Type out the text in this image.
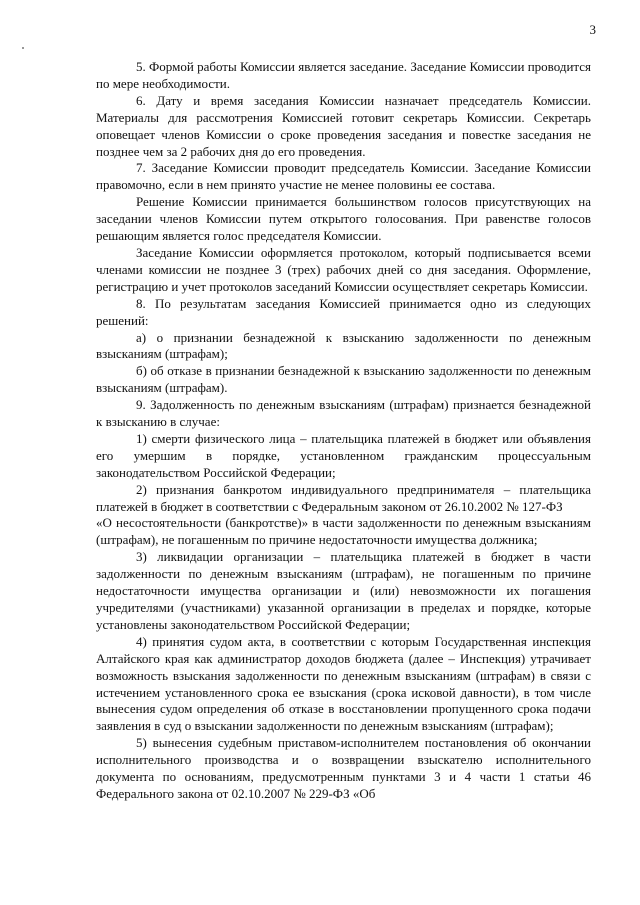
3

5. Формой работы Комиссии является заседание. Заседание Комиссии проводится по мере необходимости.

6. Дату и время заседания Комиссии назначает председатель Комиссии. Материалы для рассмотрения Комиссией готовит секретарь Комиссии. Секретарь оповещает членов Комиссии о сроке проведения заседания и повестке заседания не позднее чем за 2 рабочих дня до его проведения.

7. Заседание Комиссии проводит председатель Комиссии. Заседание Комиссии правомочно, если в нем принято участие не менее половины ее состава.

Решение Комиссии принимается большинством голосов присутствующих на заседании членов Комиссии путем открытого голосования. При равенстве голосов решающим является голос председателя Комиссии.

Заседание Комиссии оформляется протоколом, который подписывается всеми членами комиссии не позднее 3 (трех) рабочих дней со дня заседания. Оформление, регистрацию и учет протоколов заседаний Комиссии осуществляет секретарь Комиссии.

8. По результатам заседания Комиссией принимается одно из следующих решений:

а) о признании безнадежной к взысканию задолженности по денежным взысканиям (штрафам);

б) об отказе в признании безнадежной к взысканию задолженности по денежным взысканиям (штрафам).

9. Задолженность по денежным взысканиям (штрафам) признается безнадежной к взысканию в случае:

1) смерти физического лица – плательщика платежей в бюджет или объявления его умершим в порядке, установленном гражданским процессуальным законодательством Российской Федерации;

2) признания банкротом индивидуального предпринимателя – плательщика платежей в бюджет в соответствии с Федеральным законом от 26.10.2002 № 127-ФЗ

«О несостоятельности (банкротстве)» в части задолженности по денежным взысканиям (штрафам), не погашенным по причине недостаточности имущества должника;

3) ликвидации организации – плательщика платежей в бюджет в части задолженности по денежным взысканиям (штрафам), не погашенным по причине недостаточности имущества организации и (или) невозможности их погашения учредителями (участниками) указанной организации в пределах и порядке, которые установлены законодательством Российской Федерации;

4) принятия судом акта, в соответствии с которым Государственная инспекция Алтайского края как администратор доходов бюджета (далее – Инспекция) утрачивает возможность взыскания задолженности по денежным взысканиям (штрафам) в связи с истечением установленного срока ее взыскания (срока исковой давности), в том числе вынесения судом определения об отказе в восстановлении пропущенного срока подачи заявления в суд о взыскании задолженности по денежным взысканиям (штрафам);

5) вынесения судебным приставом-исполнителем постановления об окончании исполнительного производства и о возвращении взыскателю исполнительного документа по основаниям, предусмотренным пунктами 3 и 4 части 1 статьи 46 Федерального закона от 02.10.2007 № 229-ФЗ «Об
